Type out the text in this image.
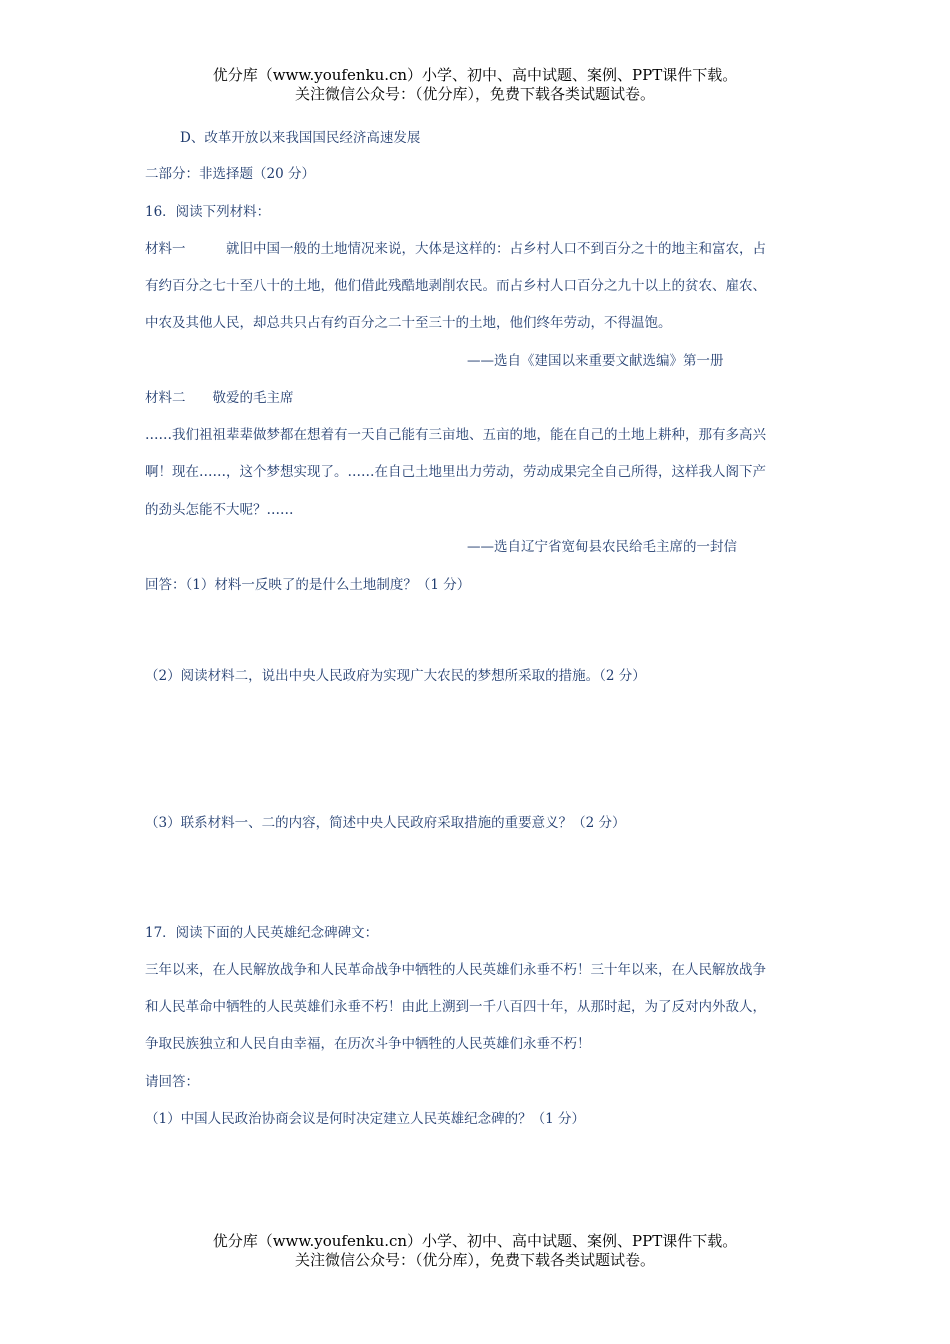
优分库（www.youfenku.cn）小学、初中、高中试题、案例、PPT课件下载。
关注微信公众号：（优分库），免费下载各类试题试卷。
D、改革开放以来我国国民经济高速发展
二部分：非选择题（20 分）
16．阅读下列材料：
材料一　　　就旧中国一般的土地情况来说，大体是这样的：占乡村人口不到百分之十的地主和富农，占
有约百分之七十至八十的土地，他们借此残酷地剥削农民。而占乡村人口百分之九十以上的贫农、雇农、
中农及其他人民，却总共只占有约百分之二十至三十的土地，他们终年劳动，不得温饱。
——选自《建国以来重要文献选编》第一册
材料二　　敬爱的毛主席
……我们祖祖辈辈做梦都在想着有一天自己能有三亩地、五亩的地，能在自己的土地上耕种，那有多高兴
啊！现在……，这个梦想实现了。……在自己土地里出力劳动，劳动成果完全自己所得，这样我人阁下产
的劲头怎能不大呢？……
——选自辽宁省宽甸县农民给毛主席的一封信
回答：（1）材料一反映了的是什么土地制度？（1 分）
（2）阅读材料二，说出中央人民政府为实现广大农民的梦想所采取的措施。（2 分）
（3）联系材料一、二的内容，简述中央人民政府采取措施的重要意义？（2 分）
17．阅读下面的人民英雄纪念碑碑文：
三年以来，在人民解放战争和人民革命战争中牺牲的人民英雄们永垂不朽！三十年以来，在人民解放战争
和人民革命中牺牲的人民英雄们永垂不朽！由此上溯到一千八百四十年，从那时起，为了反对内外敌人，
争取民族独立和人民自由幸福，在历次斗争中牺牲的人民英雄们永垂不朽！
请回答：
（1）中国人民政治协商会议是何时决定建立人民英雄纪念碑的？（1 分）
优分库（www.youfenku.cn）小学、初中、高中试题、案例、PPT课件下载。
关注微信公众号：（优分库），免费下载各类试题试卷。
